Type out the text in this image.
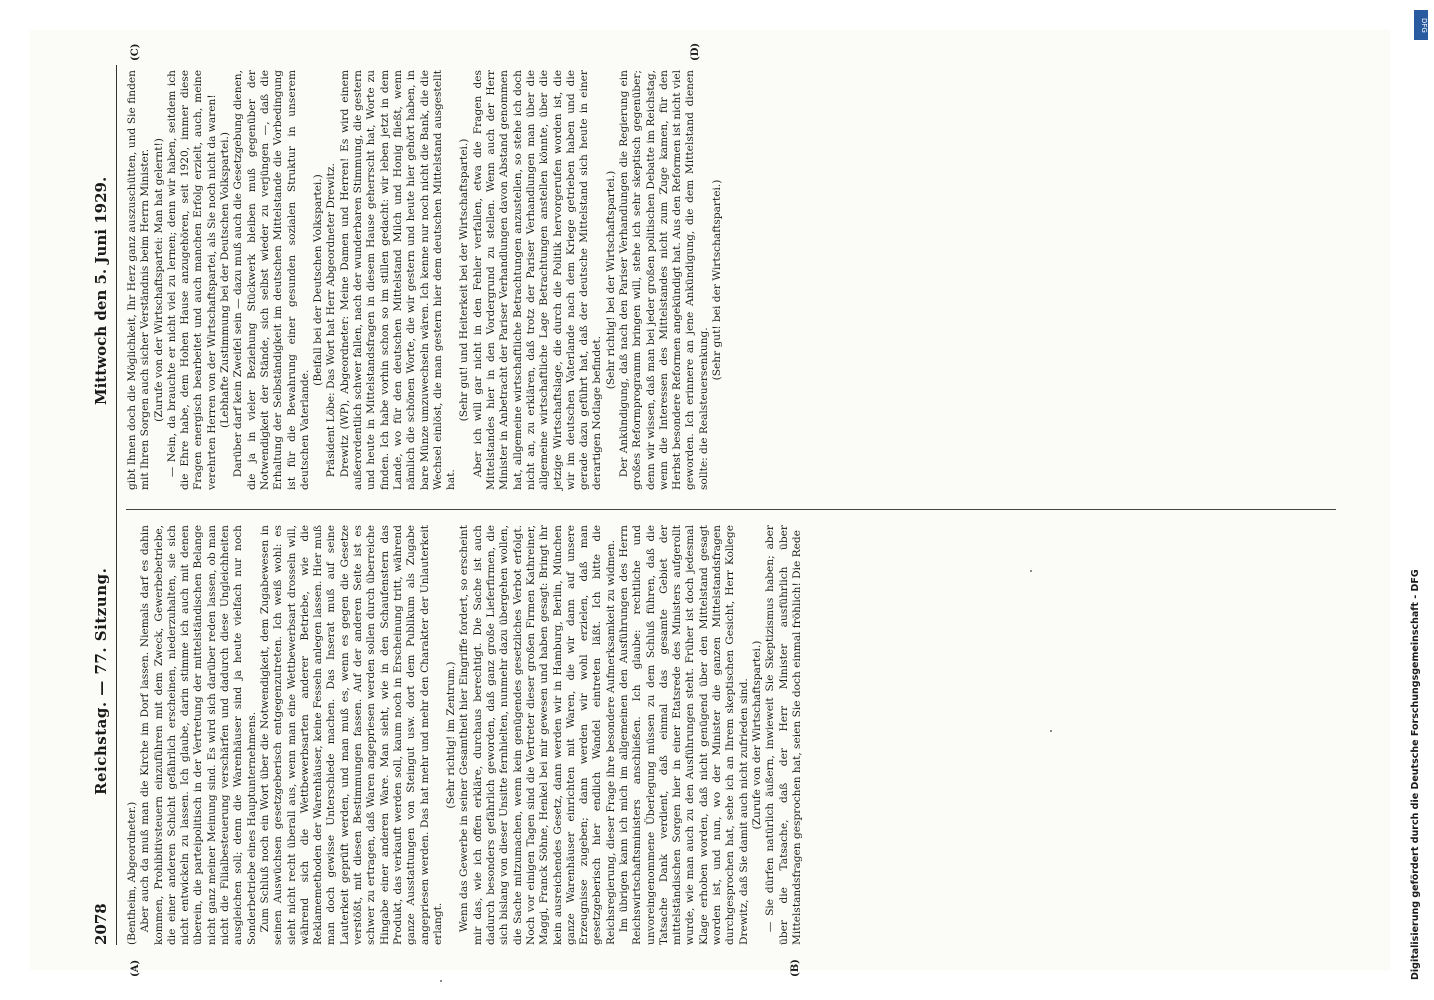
2078
Reichstag. — 77. Sitzung.
Mittwoch den 5. Juni 1929.
(A)	(B)
(C)	(D)

(Bentheim, Abgeordneter.) Aber auch da muß man die Kirche im Dorf lassen. Niemals darf es dahin kommen, Prohibitivsteuern einzuführen mit dem Zweck, Gewerbebetriebe, die einer anderen Schicht gefährlich erscheinen, niederzuhalten, sie sich nicht entwickeln zu lassen. Ich glaube, darin stimme ich auch mit denen überein, die parteipolitisch in der Vertretung der mittelständischen Belange nicht ganz meiner Meinung sind. Es wird sich darüber reden lassen, ob man nicht die Filialbesteuerung verschärfen und dadurch diese Ungleichheiten ausgleichen soll; denn die Warenhäuser sind ja heute vielfach nur noch Sonderbetriebe eines Hauptunternehmens. Zum Schluß noch ein Wort über die Notwendigkeit, dem Zugabewesen in seinen Auswüchsen gesetzgeberisch entgegenzutreten. Ich weiß wohl: es sieht nicht recht überall aus, wenn man eine Wettbewerbsart drosseln will, während sich die Wettbewerbsarten anderer Betriebe, wie die Reklamemethoden der Warenhäuser, keine Fesseln anlegen lassen. Hier muß man doch gewisse Unterschiede machen. Das Inserat muß auf seine Lauterkeit geprüft werden, und man muß es, wenn es gegen die Gesetze verstößt, mit diesen Bestimmungen fassen. Auf der anderen Seite ist es schwer zu ertragen, daß Waren angepriesen werden sollen durch überreiche Hingabe einer anderen Ware. Man sieht, wie in den Schaufenstern das Produkt, das verkauft werden soll, kaum noch in Erscheinung tritt, während ganze Ausstattungen von Steingut usw. dort dem Publikum als Zugabe angepriesen werden. Das hat mehr und mehr den Charakter der Unlauterkeit erlangt.

(Sehr richtig! im Zentrum.) Wenn das Gewerbe in seiner Gesamtheit hier Eingriffe fordert, so erscheint mir das, wie ich offen erkläre, durchaus berechtigt. Die Sache ist auch dadurch besonders gefährlich geworden, daß ganz große Lieferfirmen, die sich bislang von dieser Unsitte fernhielten, nunmehr dazu übergehen wollen, die Sache mitzumachen, wenn kein genügendes gesetzliches Verbot erfolgt. Noch vor einigen Tagen sind die Vertreter dieser großen Firmen Kathreiner, Maggi, Franck Söhne, Henkel bei mir gewesen und haben gesagt: Bringt ihr kein ausreichendes Gesetz, dann werden wir in Hamburg, Berlin, München ganze Warenhäuser einrichten mit Waren, die wir dann auf unsere Erzeugnisse zugeben; dann werden wir wohl erzielen, daß man gesetzgeberisch hier endlich Wandel eintreten läßt. Ich bitte die Reichsregierung, dieser Frage ihre besondere Aufmerksamkeit zu widmen. Im übrigen kann ich mich im allgemeinen den Ausführungen des Herrn Reichswirtschaftsministers anschließen. Ich glaube: rechtliche und unvoreingenommene Überlegung müssen zu dem Schluß führen, daß die Tatsache Dank verdient, daß einmal das gesamte Gebiet der mittelständischen Sorgen hier in einer Etatsrede des Ministers aufgerollt wurde, wie man auch zu den Ausführungen steht. Früher ist doch jedesmal Klage erhoben worden, daß nicht genügend über den Mittelstand gesagt worden ist, und nun, wo der Minister die ganzen Mittelstandsfragen durchgesprochen hat, sehe ich an Ihrem skeptischen Gesicht, Herr Kollege Drewitz, daß Sie damit auch nicht zufrieden sind. (Zurufe von der Wirtschaftspartei.) — Sie dürfen natürlich äußern, inwieweit Sie Skeptizismus haben; aber über die Tatsache, daß der Herr Minister ausführlich über Mittelstandsfragen gesprochen hat, seien Sie doch einmal fröhlich! Die Rede

gibt Ihnen doch die Möglichkeit, Ihr Herz ganz auszuschütten, und Sie finden mit Ihren Sorgen auch sicher Verständnis beim Herrn Minister. (Zurufe von der Wirtschaftspartei: Man hat gelernt!) — Nein, da brauchte er nicht viel zu lernen; denn wir haben, seitdem ich die Ehre habe, dem Hohen Hause anzugehören, seit 1920, immer diese Fragen energisch bearbeitet und auch manchen Erfolg erzielt, auch, meine verehrten Herren von der Wirtschaftspartei, als Sie noch nicht da waren! (Lebhafte Zustimmung bei der Deutschen Volkspartei.) Darüber darf kein Zweifel sein — dazu muß auch die Gesetzgebung dienen, die ja in vieler Beziehung Stückwerk bleiben muß gegenüber der Notwendigkeit der Stände, sich selbst wieder zu verjüngen —, daß die Erhaltung der Selbständigkeit im deutschen Mittelstande die Vorbedingung ist für die Bewahrung einer gesunden sozialen Struktur in unserem deutschen Vaterlande.

(Beifall bei der Deutschen Volkspartei.) Präsident Löbe: Das Wort hat Herr Abgeordneter Drewitz. Drewitz (WP), Abgeordneter: Meine Damen und Herren! Es wird einem außerordentlich schwer fallen, nach der wunderbaren Stimmung, die gestern und heute in Mittelstandsfragen in diesem Hause geherrscht hat, Worte zu finden. Ich habe vorhin schon so im stillen gedacht: wir leben jetzt in dem Lande, wo für den deutschen Mittelstand Milch und Honig fließt, wenn nämlich die schönen Worte, die wir gestern und heute hier gehört haben, in bare Münze umzuwechseln wären. Ich kenne nur noch nicht die Bank, die die Wechsel einlöst, die man gestern hier dem deutschen Mittelstand ausgestellt hat.

(Sehr gut! und Heiterkeit bei der Wirtschaftspartei.) Aber ich will gar nicht in den Fehler verfallen, etwa die Fragen des Mittelstandes hier in den Vordergrund zu stellen. Wenn auch der Herr Minister in Anbetracht der Pariser Verhandlungen davon Abstand genommen hat, allgemeine wirtschaftliche Betrachtungen anzustellen, so stehe ich doch nicht an, zu erklären, daß trotz der Pariser Verhandlungen man über die allgemeine wirtschaftliche Lage Betrachtungen anstellen könnte, über die jetzige Wirtschaftslage, die durch die Politik hervorgerufen worden ist, die wir im deutschen Vaterlande nach dem Kriege getrieben haben und die gerade dazu geführt hat, daß der deutsche Mittelstand sich heute in einer derartigen Notlage befindet.

(Sehr richtig! bei der Wirtschaftspartei.) Der Ankündigung, daß nach den Pariser Verhandlungen die Regierung ein großes Reformprogramm bringen will, stehe ich sehr skeptisch gegenüber; denn wir wissen, daß man bei jeder großen politischen Debatte im Reichstag, wenn die Interessen des Mittelstandes nicht zum Zuge kamen, für den Herbst besondere Reformen angekündigt hat. Aus den Reformen ist nicht viel geworden. Ich erinnere an jene Ankündigung, die dem Mittelstand dienen sollte: die Realsteuersenkung.

(Sehr gut! bei der Wirtschaftspartei.)

Digitalisierung gefördert durch die Deutsche Forschungsgemeinschaft - DFG
DFG
